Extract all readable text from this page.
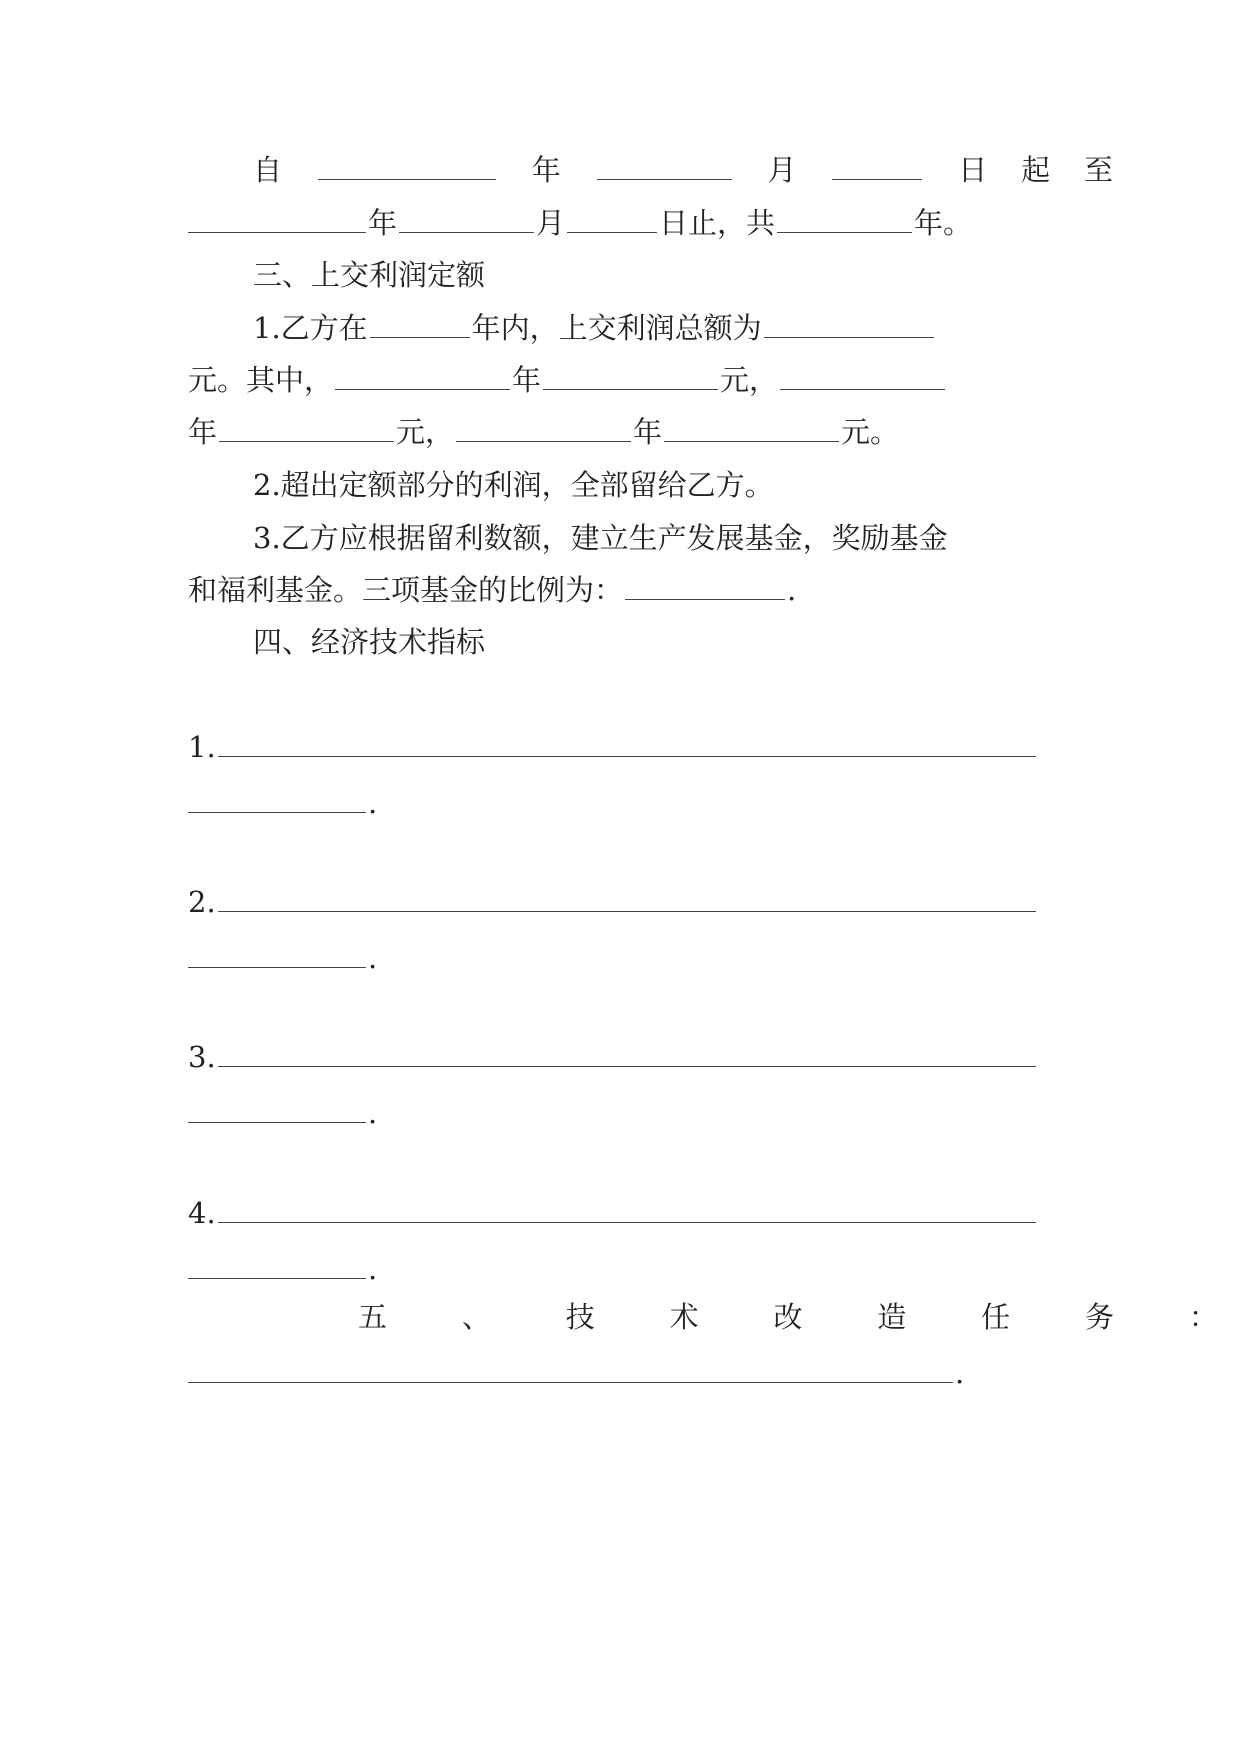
自	年	月	日 起 至
年	月	日止，共	年。
三、上交利润定额
1.乙方在	年内，上交利润总额为
元。其中，	年	元，
年	元，	年	元。
2.超出定额部分的利润，全部留给乙方。
3.乙方应根据留利数额，建立生产发展基金，奖励基金
和福利基金。三项基金的比例为：	.
四、经济技术指标
1.
.
2.
.
3.
.
4.
.
五	、	技	术	改	造	任	务	：
.
